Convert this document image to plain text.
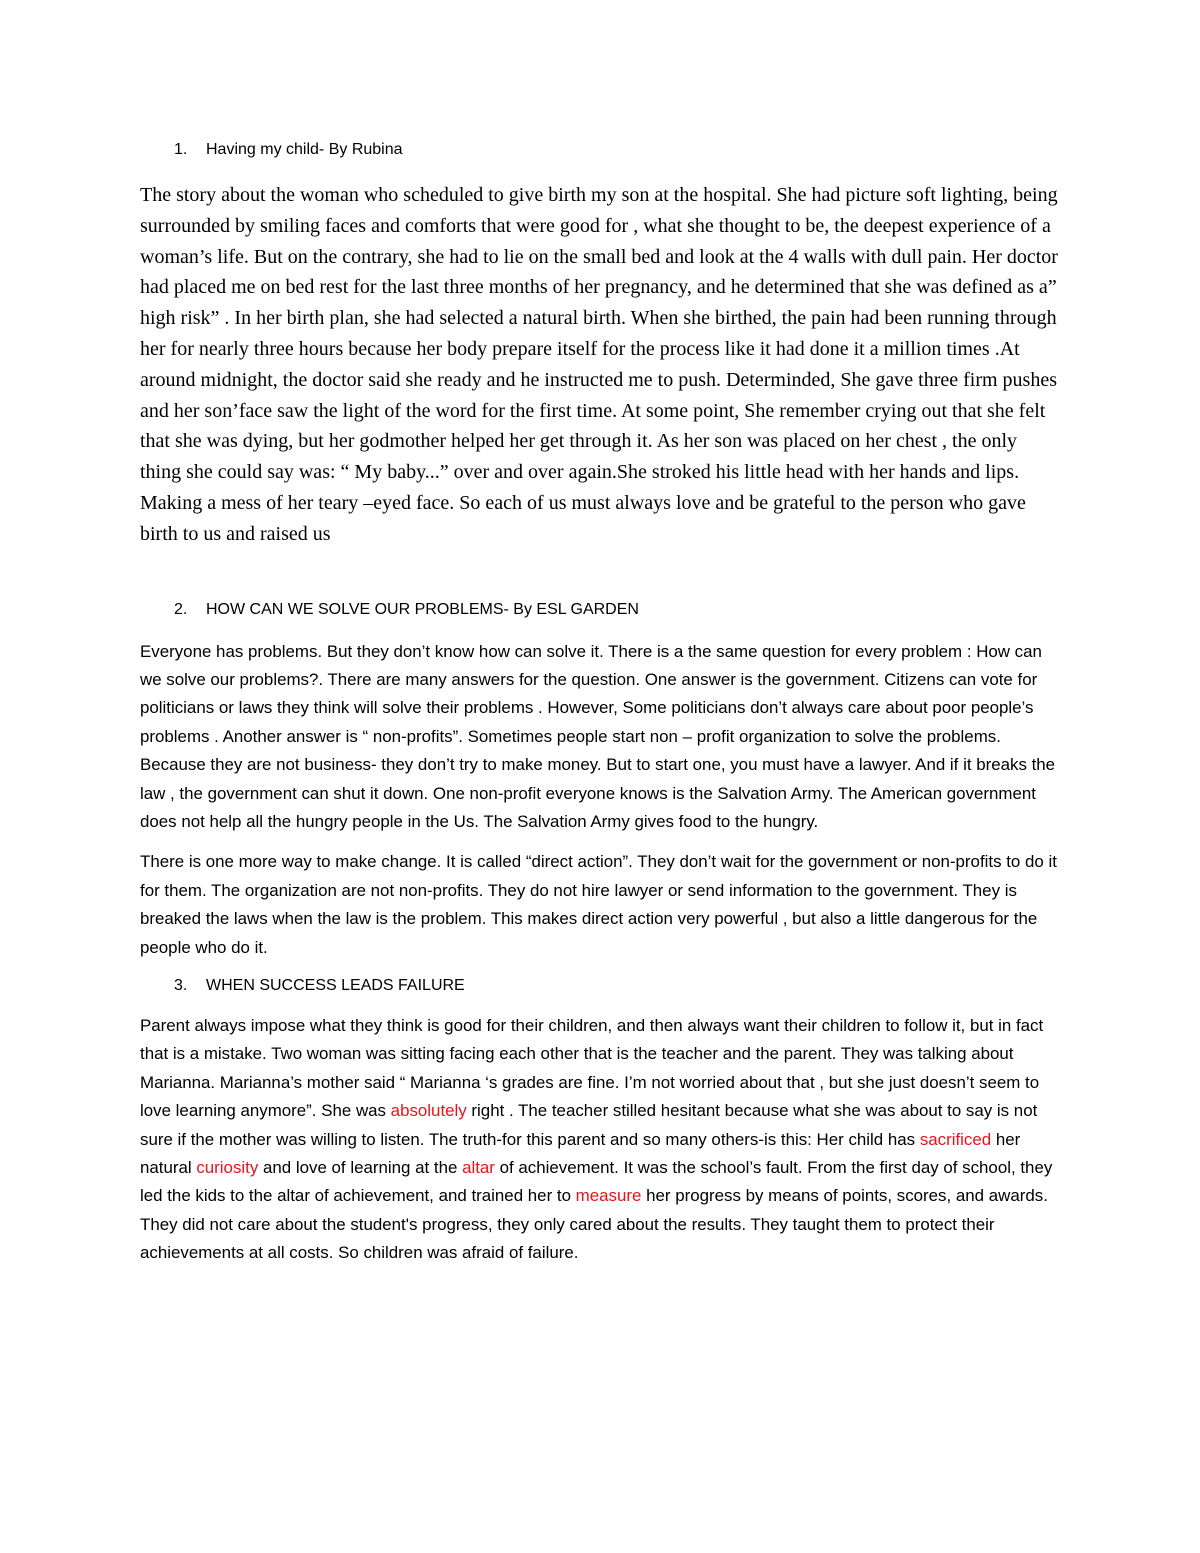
1.	Having my child- By Rubina

The story about the woman who scheduled to give birth my son at the hospital. She had picture soft lighting, being surrounded by smiling faces and comforts that were good for , what she thought to be, the deepest experience of a woman’s life. But on the contrary, she had to lie on the small bed and look at the 4 walls with dull pain. Her doctor had placed me on bed rest for the last three months of her pregnancy, and he determined that she was defined as a” high risk” . In her birth plan, she had selected a natural birth. When she birthed, the pain had been running through her for nearly three hours because her body prepare itself for the process like it had done it a million times .At around midnight, the doctor said she ready and he instructed me to push. Determinded, She gave three firm pushes and her son’face saw the light of the word for the first time. At some point, She remember crying out that she felt that she was dying, but her godmother helped her get through it. As her son was placed on her chest , the only thing she could say was: “ My baby...” over and over again.She stroked his little head with her hands and lips. Making a mess of her teary –eyed face. So each of us must always love and be grateful to the person who gave birth to us and raised us

2.	HOW CAN WE SOLVE OUR PROBLEMS- By ESL GARDEN

Everyone has problems. But they don’t know how can solve it. There is a the same question for every problem : How can we solve our problems?. There are many answers for the question. One answer is the government. Citizens can vote for politicians or laws they think will solve their problems . However, Some politicians don’t always care about poor people’s problems . Another answer is “ non-profits”. Sometimes people start non – profit organization to solve the problems. Because they are not business- they don’t try to make money. But to start one, you must have a lawyer. And if it breaks the law , the government can shut it down. One non-profit everyone knows is the Salvation Army. The American government does not help all the hungry people in the Us. The Salvation Army gives food to the hungry.

There is one more way to make change. It is called “direct action”. They don’t wait for the government or non-profits to do it for them. The organization are not non-profits. They do not hire lawyer or send information to the government. They is breaked the laws when the law is the problem. This makes direct action very powerful , but also a little dangerous for the people who do it.

3.	WHEN SUCCESS LEADS FAILURE

Parent always impose what they think is good for their children, and then always want their children to follow it, but in fact that is a mistake. Two woman was sitting facing each other that is the teacher and the parent. They was talking about Marianna. Marianna’s mother said “ Marianna ‘s grades are fine. I’m not worried about that , but she just doesn’t seem to love learning anymore”. She was absolutely right . The teacher stilled hesitant because what she was about to say is not sure if the mother was willing to listen. The truth-for this parent and so many others-is this: Her child has sacrificed her natural curiosity and love of learning at the altar of achievement. It was the school’s fault. From the first day of school, they led the kids to the altar of achievement, and trained her to measure her progress by means of points, scores, and awards. They did not care about the student's progress, they only cared about the results. They taught them to protect their achievements at all costs. So children was afraid of failure.
